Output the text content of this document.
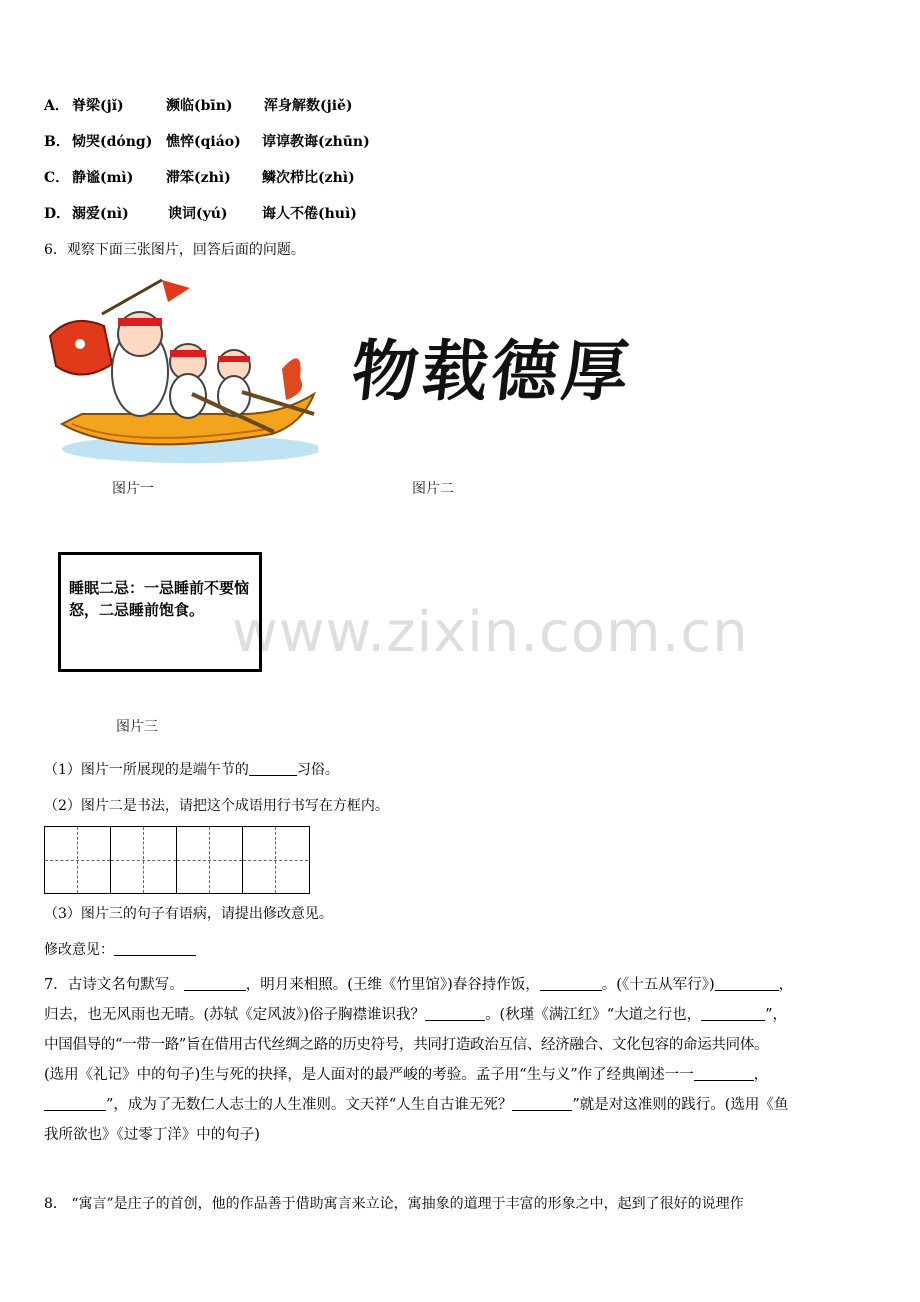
A． 脊梁(jǐ)	濒临(bīn) 浑身解数(jiě)
B． 恸哭(dóng) 憔悴(qiáo) 谆谆教诲(zhūn)
C． 静谧(mì) 滞笨(zhì) 鳞次栉比(zhì)
D． 溺爱(nì)	谀词(yú) 诲人不倦(huì)
6．观察下面三张图片，回答后面的问题。
物载德厚
图片一	图片二

睡眠二忌：一忌睡前不要恼怒，二忌睡前饱食。 www.zixin.com.cn
图片三
（1）图片一所展现的是端午节的	习俗。
（2）图片二是书法，请把这个成语用行书写在方框内。
（3）图片三的句子有语病，请提出修改意见。
修改意见：
7．古诗文名句默写。	，明月来相照。(王维《竹里馆》)春谷持作饭，	。(《十五从军行》)	，
归去，也无风雨也无晴。(苏轼《定风波》)俗子胸襟谁识我？	。(秋瑾《满江红》“大道之行也，	”，
中国倡导的“一带一路”旨在借用古代丝绸之路的历史符号，共同打造政治互信、经济融合、文化包容的命运共同体。
(选用《礼记》中的句子)生与死的抉择，是人面对的最严峻的考验。孟子用“生与义”作了经典阐述一一	，
”，成为了无数仁人志士的人生准则。文天祥“人生自古谁无死？	”就是对这准则的践行。(选用《鱼
我所欲也》《过零丁洋》中的句子)
8． “寓言”是庄子的首创，他的作品善于借助寓言来立论，寓抽象的道理于丰富的形象之中，起到了很好的说理作
